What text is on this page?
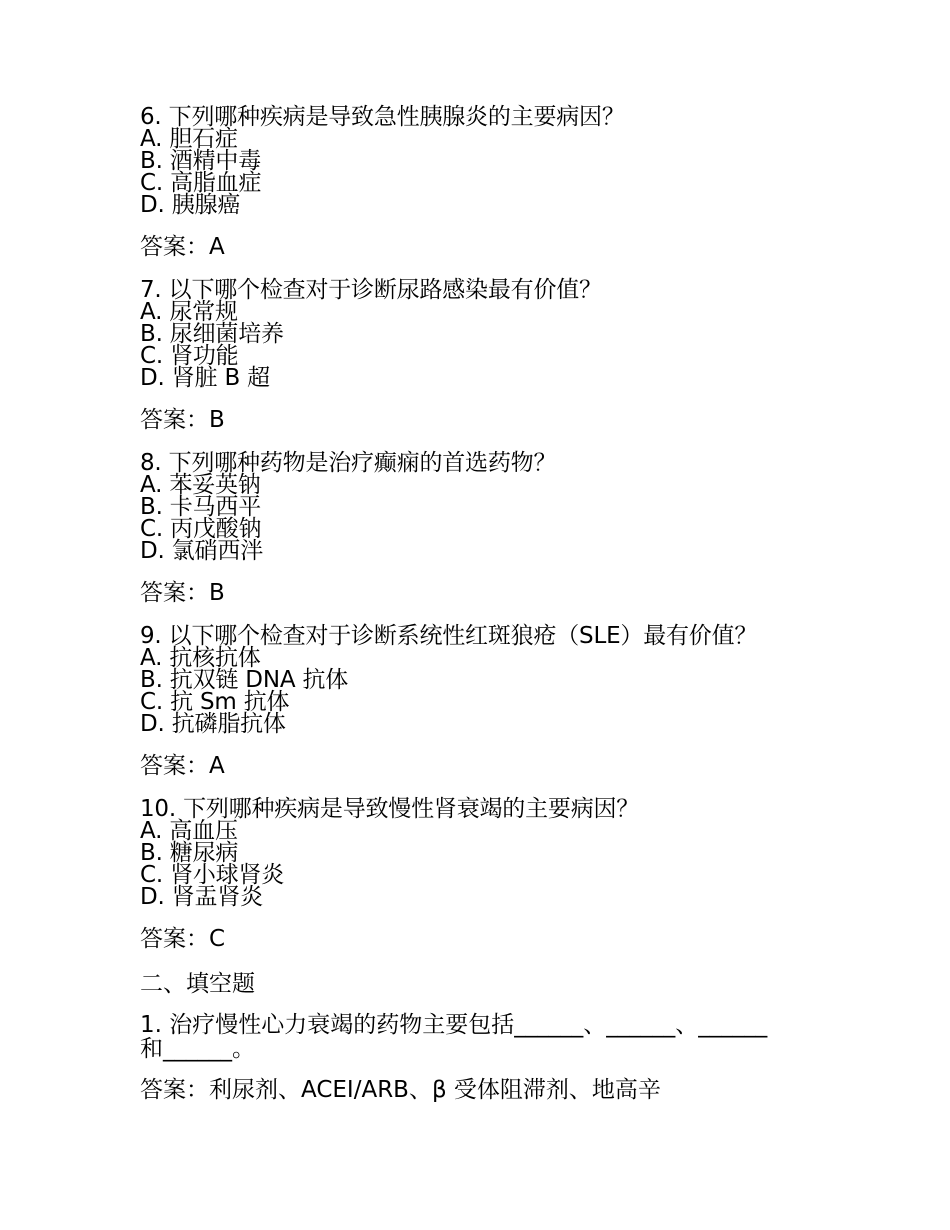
6. 下列哪种疾病是导致急性胰腺炎的主要病因？
A. 胆石症
B. 酒精中毒
C. 高脂血症
D. 胰腺癌
答案：A
7. 以下哪个检查对于诊断尿路感染最有价值？
A. 尿常规
B. 尿细菌培养
C. 肾功能
D. 肾脏 B 超
答案：B
8. 下列哪种药物是治疗癫痫的首选药物？
A. 苯妥英钠
B. 卡马西平
C. 丙戊酸钠
D. 氯硝西泮
答案：B
9. 以下哪个检查对于诊断系统性红斑狼疮（SLE）最有价值？
A. 抗核抗体
B. 抗双链 DNA 抗体
C. 抗 Sm 抗体
D. 抗磷脂抗体
答案：A
10. 下列哪种疾病是导致慢性肾衰竭的主要病因？
A. 高血压
B. 糖尿病
C. 肾小球肾炎
D. 肾盂肾炎
答案：C
二、填空题
1. 治疗慢性心力衰竭的药物主要包括______、______、______
和______。
答案：利尿剂、ACEI/ARB、β 受体阻滞剂、地高辛
